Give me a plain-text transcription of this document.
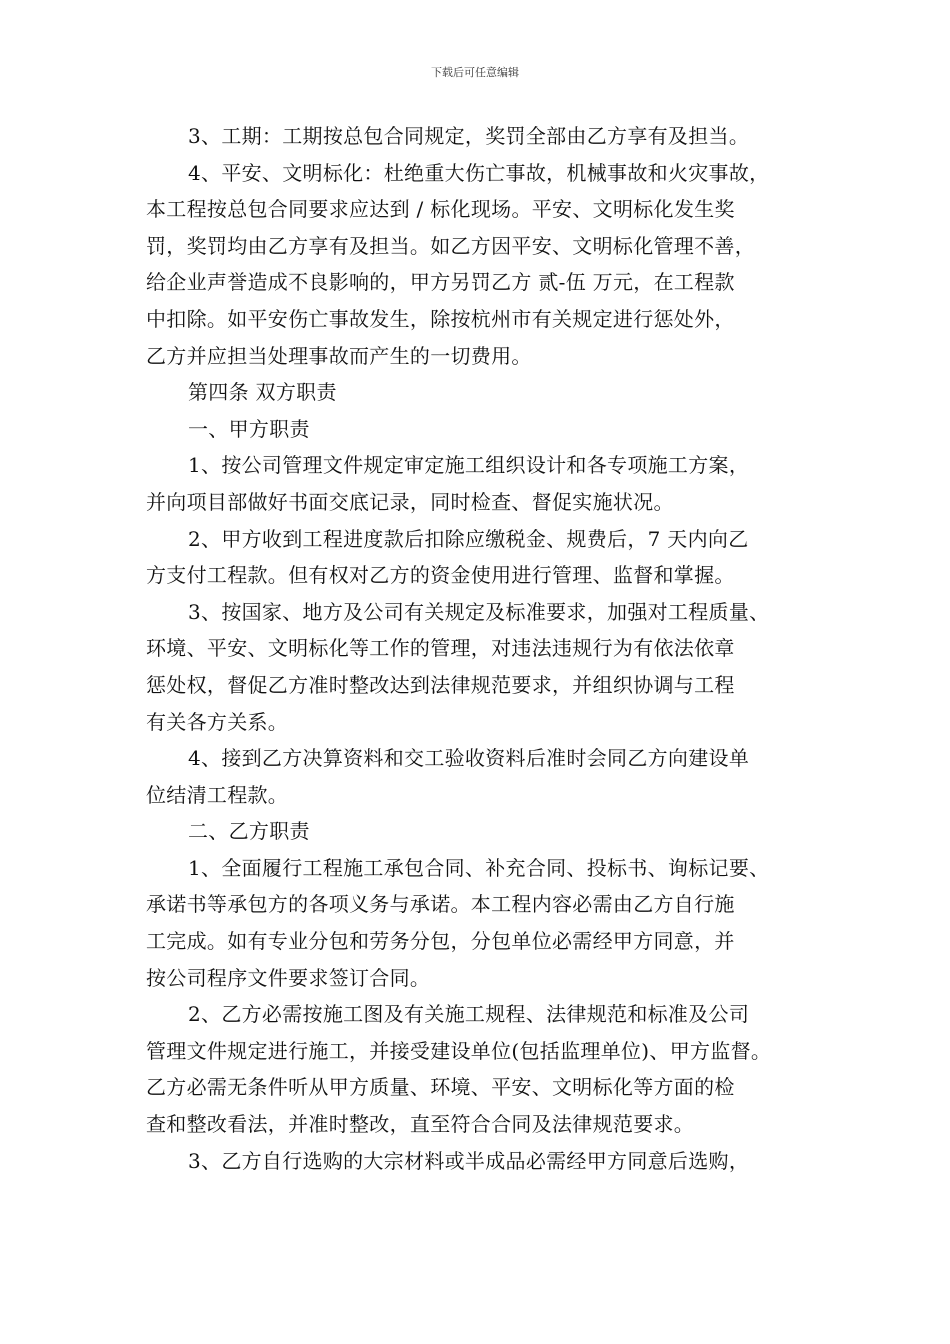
下载后可任意编辑
3、工期：工期按总包合同规定，奖罚全部由乙方享有及担当。
4、平安、文明标化：杜绝重大伤亡事故，机械事故和火灾事故，
本工程按总包合同要求应达到 / 标化现场。平安、文明标化发生奖
罚，奖罚均由乙方享有及担当。如乙方因平安、文明标化管理不善，
给企业声誉造成不良影响的，甲方另罚乙方 贰-伍 万元，在工程款
中扣除。如平安伤亡事故发生，除按杭州市有关规定进行惩处外，
乙方并应担当处理事故而产生的一切费用。
第四条 双方职责
一、甲方职责
1、按公司管理文件规定审定施工组织设计和各专项施工方案，
并向项目部做好书面交底记录，同时检查、督促实施状况。
2、甲方收到工程进度款后扣除应缴税金、规费后，7 天内向乙
方支付工程款。但有权对乙方的资金使用进行管理、监督和掌握。
3、按国家、地方及公司有关规定及标准要求，加强对工程质量、
环境、平安、文明标化等工作的管理，对违法违规行为有依法依章
惩处权，督促乙方准时整改达到法律规范要求，并组织协调与工程
有关各方关系。
4、接到乙方决算资料和交工验收资料后准时会同乙方向建设单
位结清工程款。
二、乙方职责
1、全面履行工程施工承包合同、补充合同、投标书、询标记要、
承诺书等承包方的各项义务与承诺。本工程内容必需由乙方自行施
工完成。如有专业分包和劳务分包，分包单位必需经甲方同意，并
按公司程序文件要求签订合同。
2、乙方必需按施工图及有关施工规程、法律规范和标准及公司
管理文件规定进行施工，并接受建设单位(包括监理单位)、甲方监督。
乙方必需无条件听从甲方质量、环境、平安、文明标化等方面的检
查和整改看法，并准时整改，直至符合合同及法律规范要求。
3、乙方自行选购的大宗材料或半成品必需经甲方同意后选购，
